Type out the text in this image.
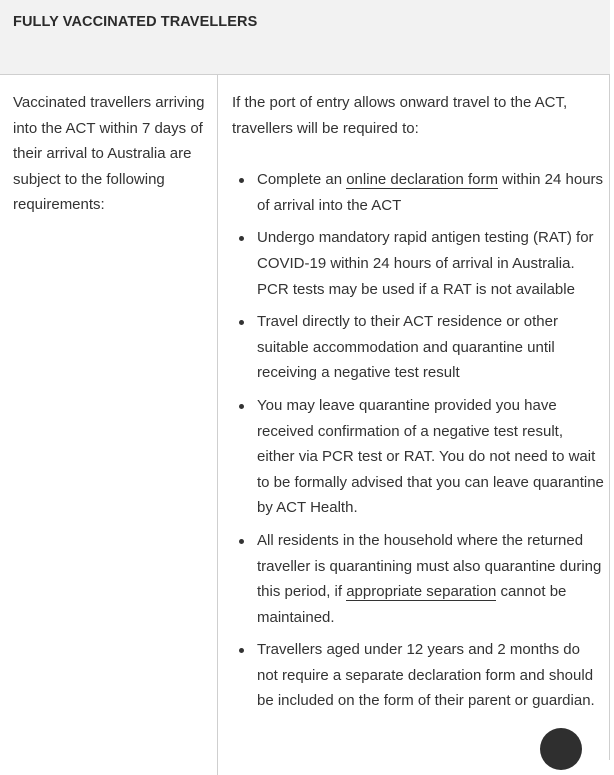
FULLY VACCINATED TRAVELLERS
Vaccinated travellers arriving into the ACT within 7 days of their arrival to Australia are subject to the following requirements:

If the port of entry allows onward travel to the ACT, travellers will be required to:

Complete an online declaration form within 24 hours of arrival into the ACT
Undergo mandatory rapid antigen testing (RAT) for COVID-19 within 24 hours of arrival in Australia. PCR tests may be used if a RAT is not available
Travel directly to their ACT residence or other suitable accommodation and quarantine until receiving a negative test result
You may leave quarantine provided you have received confirmation of a negative test result, either via PCR test or RAT. You do not need to wait to be formally advised that you can leave quarantine by ACT Health.
All residents in the household where the returned traveller is quarantining must also quarantine during this period, if appropriate separation cannot be maintained.
Travellers aged under 12 years and 2 months do not require a separate declaration form and should be included on the form of their parent or guardian.
